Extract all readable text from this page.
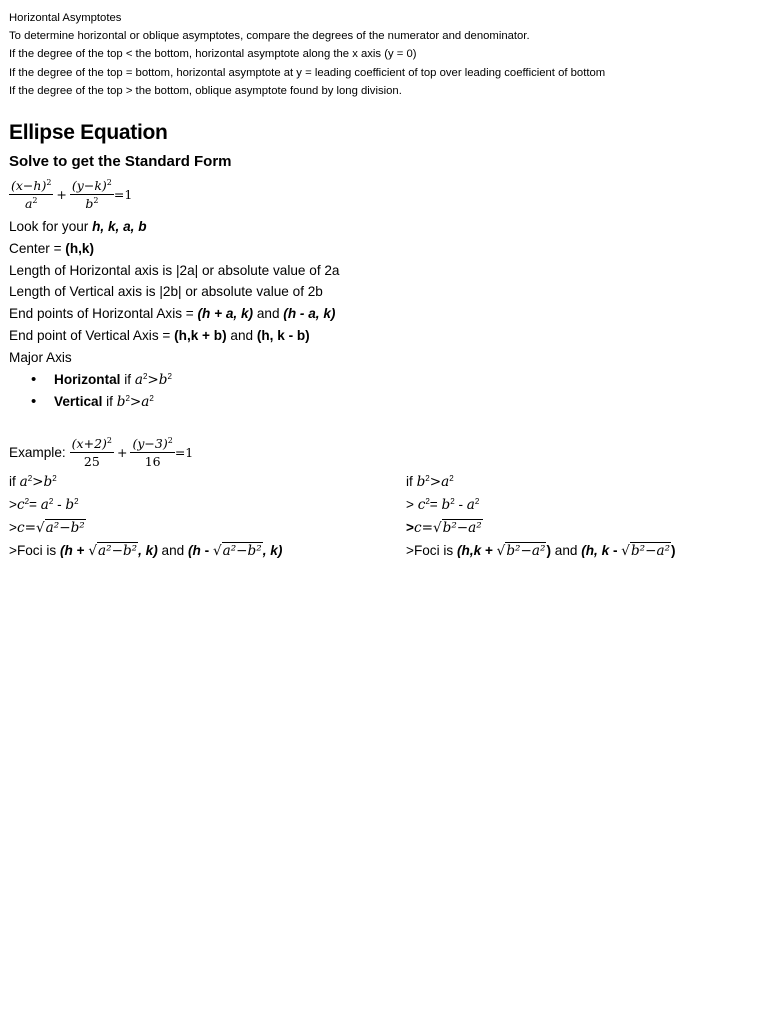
Horizontal Asymptotes
To determine horizontal or oblique asymptotes, compare the degrees of the numerator and denominator.
If the degree of the top < the bottom, horizontal asymptote along the x axis (y = 0)
If the degree of the top = bottom, horizontal asymptote at y = leading coefficient of top over leading coefficient of bottom
If the degree of the top > the bottom, oblique asymptote found by long division.
Ellipse Equation
Solve to get the Standard Form
$\frac{(x-h)^2}{a^2} + \frac{(y-k)^2}{b^2} =1$
Look for your h, k, a, b
Center = (h,k)
Length of Horizontal axis is |2a| or absolute value of 2a
Length of Vertical axis is |2b| or absolute value of 2b
End points of Horizontal Axis = (h + a, k) and (h - a, k)
End point of Vertical Axis = (h,k + b) and (h, k - b)
Major Axis
• Horizontal if $a^2>b^2$
• Vertical if $b^2>a^2$
Example: $\frac{(x+2)^2}{25} + \frac{(y-3)^2}{16} =1$
if $a^2>b^2$
$>c^2= a^2 - b^2$
>c=√a²−b²
>Foci is (h + √a²−b², k) and (h - √a²−b², k)
if $b^2>a^2$
> $c^2= b^2 - a^2$
>c=√b²−a²
>Foci is (h,k + √b²−a²) and (h, k - √b²−a²)
